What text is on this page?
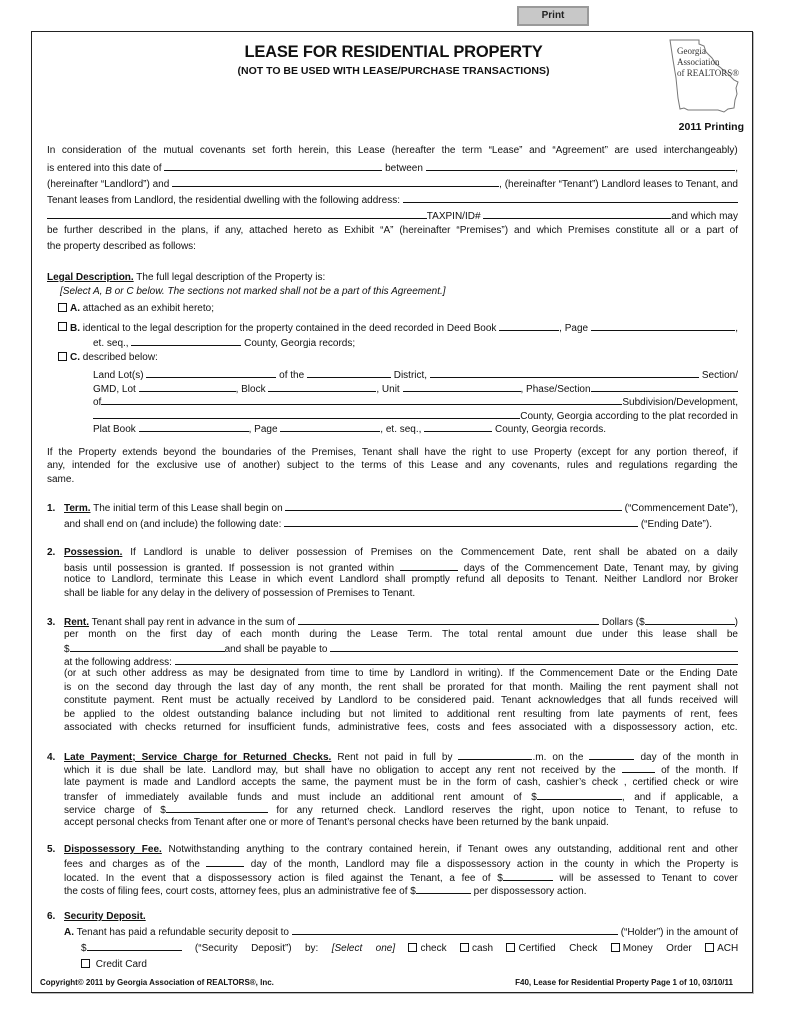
Print
LEASE FOR RESIDENTIAL PROPERTY
(NOT TO BE USED WITH LEASE/PURCHASE TRANSACTIONS)
Georgia
Association
of REALTORS®
2011 Printing
In consideration of the mutual covenants set forth herein, this Lease (hereafter the term “Lease” and “Agreement” are used interchangeably)
is entered into this date of	between	,
(hereinafter “Landlord”) and	, (hereinafter “Tenant”) Landlord leases to Tenant, and
Tenant leases from Landlord, the residential dwelling with the following address:
TAXPIN/ID#	and which may
be further described in the plans, if any, attached hereto as Exhibit “A” (hereinafter “Premises”) and which Premises constitute all or a part of
the property described as follows:
Legal Description. The full legal description of the Property is:
[Select A, B or C below. The sections not marked shall not be a part of this Agreement.]
A. attached as an exhibit hereto;
B. identical to the legal description for the property contained in the deed recorded in Deed Book	, Page	,
et. seq.,	County, Georgia records;
C. described below:
Land Lot(s)	of the	District,	Section/
GMD, Lot	, Block	, Unit	, Phase/Section
of	Subdivision/Development,
County, Georgia according to the plat recorded in
Plat Book	, Page	, et. seq.,	County, Georgia records.
If the Property extends beyond the boundaries of the Premises, Tenant shall have the right to use Property (except for any portion thereof, if
any, intended for the exclusive use of another) subject to the terms of this Lease and any covenants, rules and regulations regarding the
same.
1. Term. The initial term of this Lease shall begin on	(“Commencement Date”),
and shall end on (and include) the following date:	(“Ending Date”).
2. Possession. If Landlord is unable to deliver possession of Premises on the Commencement Date, rent shall be abated on a daily
basis until possession is granted. If possession is not granted within	days of the Commencement Date, Tenant may, by giving
notice to Landlord, terminate this Lease in which event Landlord shall promptly refund all deposits to Tenant. Neither Landlord nor Broker
shall be liable for any delay in the delivery of possession of Premises to Tenant.
3. Rent. Tenant shall pay rent in advance in the sum of	Dollars ($	)
per month on the first day of each month during the Lease Term. The total rental amount due under this lease shall be
$	and shall be payable to
at the following address:
(or at such other address as may be designated from time to time by Landlord in writing). If the Commencement Date or the Ending Date
is on the second day through the last day of any month, the rent shall be prorated for that month. Mailing the rent payment shall not
constitute payment. Rent must be actually received by Landlord to be considered paid. Tenant acknowledges that all funds received will
be applied to the oldest outstanding balance including but not limited to additional rent resulting from late payments of rent, fees
associated with checks returned for insufficient funds, administrative fees, costs and fees associated with a dispossessory action, etc.
4. Late Payment; Service Charge for Returned Checks. Rent not paid in full by	.m. on the	day of the month in
which it is due shall be late. Landlord may, but shall have no obligation to accept any rent not received by the	of the month. If
late payment is made and Landlord accepts the same, the payment must be in the form of cash, cashier’s check , certified check or wire
transfer of immediately available funds and must include an additional rent amount of $	, and if applicable, a
service charge of $	for any returned check. Landlord reserves the right, upon notice to Tenant, to refuse to
accept personal checks from Tenant after one or more of Tenant’s personal checks have been returned by the bank unpaid.
5. Dispossessory Fee. Notwithstanding anything to the contrary contained herein, if Tenant owes any outstanding, additional rent and other
fees and charges as of the	day of the month, Landlord may file a dispossessory action in the county in which the Property is
located. In the event that a dispossessory action is filed against the Tenant, a fee of $	will be assessed to Tenant to cover
the costs of filing fees, court costs, attorney fees, plus an administrative fee of $	per dispossessory action.
6. Security Deposit.
A. Tenant has paid a refundable security deposit to	(“Holder”) in the amount of
$	(“Security Deposit”) by: [Select one]	check cash Certified Check Money Order ACH
Credit Card
Copyright© 2011 by Georgia Association of REALTORS®, Inc.	F40, Lease for Residential Property Page 1 of 10, 03/10/11
